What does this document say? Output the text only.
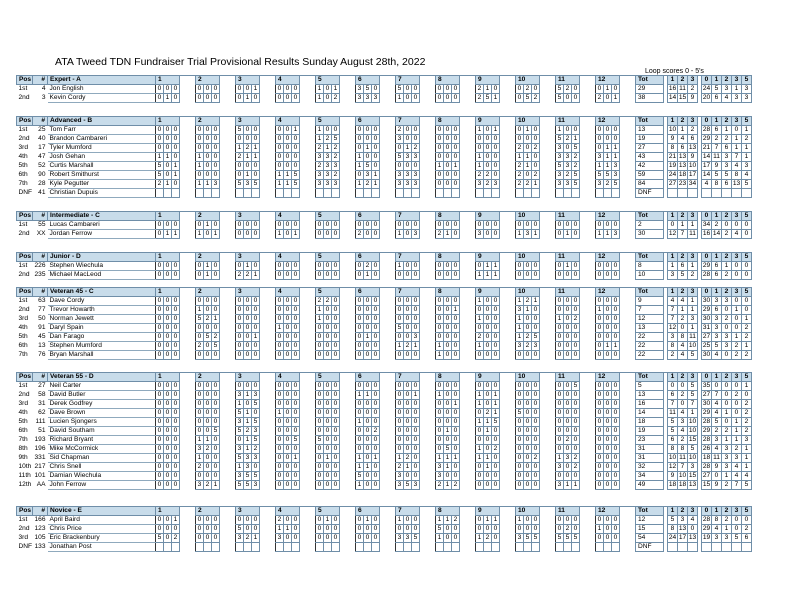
ATA Tweed TDN Fundraiser Trial Provisional Results Sunday August 28th, 2022
Loop scores 0 - 5's
Pos	#	Expert - A	1				2				3				4				5				6				7				8				9				10				11				12				Tot		1	2	3		0	1	2	3	5
1st	4	Jon English	0	0	0		0	0	0		0	0	1		0	0	0		1	0	1		3	5	0		5	0	0		0	0	0		2	1	0		0	2	0		5	2	0		0	1	0		29		16	11	2		24	5	3	1	3
2nd	3	Kevin Cordy	0	1	0		0	0	0		0	1	0		0	0	0		1	0	2		3	3	3		1	0	0		0	0	0		2	5	1		0	5	2		5	0	0		2	0	1		38		14	15	9		20	6	4	3	3
Pos	#	Advanced - B	1				2				3				4				5				6				7				8				9				10				11				12				Tot		1	2	3		0	1	2	3	5
1st	25	Tom Farr	0	0	0		0	0	0		5	0	0		0	0	1		1	0	0		0	0	0		2	0	0		0	0	0		1	0	1		0	1	0		1	0	0		0	0	0		13		10	1	2		28	6	1	0	1
2nd	40	Brandon Cambareri	0	0	0		0	0	0		0	0	0		0	0	0		1	2	5		0	0	0		3	0	0		0	0	0		0	0	0		0	0	0		5	2	1		0	0	0		19		9	4	6		29	2	2	1	2
3rd	17	Tyler Mumford	0	0	0		0	0	0		1	2	1		0	0	0		2	1	2		0	1	0		0	1	2		0	0	0		0	0	0		2	0	2		3	0	5		0	1	1		27		8	6	13		21	7	6	1	1
4th	47	Josh Gehan	1	1	0		1	0	0		2	1	1		0	0	0		3	3	2		1	0	0		5	3	3		0	0	0		1	0	0		1	1	0		3	3	2		3	1	1		43		21	13	9		14	11	3	7	1
5th	52	Curtis Marshall	5	0	1		1	0	0		0	0	0		0	0	0		2	3	3		1	5	0		0	0	0		1	0	1		1	0	0		2	1	0		5	3	2		1	1	3		42		19	13	10		17	9	3	4	3
6th	90	Robert Smithurst	5	0	1		0	0	0		0	1	0		1	1	5		3	3	2		0	3	1		3	3	3		0	0	0		2	2	0		2	0	2		3	2	5		5	5	3		59		24	18	17		14	5	5	8	4
7th	28	Kyle Pegutter	2	1	0		1	1	3		5	3	5		1	1	5		3	3	3		1	2	1		3	3	3		0	0	0		3	2	3		2	2	1		3	3	5		3	2	5		84		27	23	34		4	8	6	13	5
DNF	41	Christian Dupuis																																																	DNF										
Pos	#	Intermediate - C	1				2				3				4				5				6				7				8				9				10				11				12				Tot		1	2	3		0	1	2	3	5
1st	55	Lucas Cambareri	0	0	0		0	1	0		0	0	0		0	0	0		0	0	0		0	0	0		0	0	0		0	0	0		0	0	0		0	0	0		0	0	0		0	0	0		2		0	1	1		34	2	0	0	0
2nd	XX	Jordan Ferrow	0	1	1		1	0	1		0	0	0		1	0	1		0	0	0		2	0	0		1	0	3		2	1	0		3	0	0		1	3	1		0	1	0		1	1	3		30		12	7	11		16	14	2	4	0
Pos	#	Junior - D	1				2				3				4				5				6				7				8				9				10				11				12				Tot		1	2	3		0	1	2	3	5
1st	226	Stephen Wiechula	0	0	0		0	1	0		0	1	0		0	0	0		0	0	0		0	2	0		1	0	0		0	0	0		0	1	1		0	0	0		0	1	0		0	0	0		8		1	6	1		29	6	1	0	0
2nd	235	Michael MacLeod	0	0	0		0	1	0		2	2	1		0	0	0		0	0	0		0	1	0		0	0	0		0	0	0		1	1	1		0	0	0		0	0	0		0	0	0		10		3	5	2		28	6	2	0	0
Pos	#	Veteran 45 - C	1				2				3				4				5				6				7				8				9				10				11				12				Tot		1	2	3		0	1	2	3	5
1st	63	Dave Cordy	0	0	0		0	0	0		0	0	0		0	0	0		2	2	0		0	0	0		0	0	0		0	0	0		1	0	0		1	2	1		0	0	0		0	0	0		9		4	4	1		30	3	3	0	0
2nd	77	Trevor Howarth	0	0	0		1	0	0		0	0	0		0	0	0		1	0	0		0	0	0		0	0	0		0	0	1		0	0	0		3	1	0		0	0	0		1	0	0		7		7	1	1		29	6	0	1	0
3rd	50	Norman Jewett	0	0	0		5	2	1		0	0	0		0	0	0		1	0	0		0	0	0		0	0	0		0	0	0		1	0	0		1	0	0		1	0	2		0	0	0		12		7	2	3		30	3	2	0	1
4th	91	Daryl Spain	0	0	0		0	0	0		0	0	0		1	0	0		0	0	0		0	0	0		5	0	0		0	0	0		0	0	0		1	0	0		0	0	0		0	0	0		13		12	0	1		31	3	0	0	2
5th	45	Dan Farago	0	0	0		0	5	2		0	0	1		0	0	0		0	0	0		0	1	0		0	0	3		0	0	0		2	0	0		1	2	5		0	0	0		0	0	0		22		3	8	11		27	3	3	1	2
6th	13	Stephen Mumford	0	0	0		2	0	5		0	0	0		0	0	0		0	0	0		0	0	0		1	2	1		1	0	0		1	0	0		3	2	3		0	0	0		0	1	1		22		8	4	10		25	5	3	2	1
7th	76	Bryan Marshall	0	0	0		0	0	0		0	0	0		0	0	0		0	0	0		0	0	0		0	0	0		1	0	0		0	0	0		0	0	0		0	0	0		0	0	0		22		2	4	5		30	4	0	2	2
Pos	#	Veteran 55 - D	1				2				3				4				5				6				7				8				9				10				11				12				Tot		1	2	3		0	1	2	3	5
1st	27	Neil Carter	0	0	0		0	0	0		0	0	0		0	0	0		0	0	0		0	0	0		0	0	0		0	0	0		0	0	0		0	0	0		0	0	5		0	0	0		5		0	0	5		35	0	0	0	1
2nd	58	David Butler	0	0	0		0	0	0		3	1	3		0	0	0		0	0	0		1	1	0		0	0	1		1	0	0		1	0	1		0	0	0		0	0	0		0	0	0		13		6	2	5		27	7	0	2	0
3rd	31	Derek Godfrey	0	0	0		0	0	0		1	0	5		0	0	0		0	0	0		0	0	0		0	0	0		0	0	1		1	0	1		0	0	0		0	0	0		0	0	0		16		7	0	7		30	4	0	0	2
4th	62	Dave Brown	0	0	0		0	0	0		5	1	0		1	0	0		0	0	0		0	0	0		0	0	0		0	0	0		0	2	1		5	0	0		0	0	0		0	0	0		14		11	4	1		29	4	1	0	2
5th	111	Lucien Sjongers	0	0	0		0	0	0		3	1	5		0	0	0		0	0	0		1	0	0		0	0	0		0	0	0		1	1	5		0	0	0		0	0	0		0	0	0		18		5	3	10		28	5	0	1	2
6th	51	David Southam	0	0	0		0	0	5		5	2	3		0	0	0		0	0	0		0	0	2		0	0	0		0	1	0		0	1	0		0	0	0		0	0	0		0	0	0		19		5	4	10		29	2	2	1	2
7th	193	Richard Bryant	0	0	0		1	1	0		0	1	5		0	0	5		5	0	0		0	0	0		0	0	0		0	0	0		0	0	0		0	0	0		0	2	0		0	0	0		23		6	2	15		28	3	1	1	3
8th	196	Mike McCormick	0	0	0		3	2	0		3	1	2		0	0	0		0	0	0		0	0	0		0	0	0		0	5	0		1	0	2		0	0	0		0	0	0		0	0	0		31		8	8	5		26	4	3	2	1
9th	331	Sid Chapman	0	0	0		1	0	0		5	3	3		0	0	1		0	1	0		1	0	1		1	2	0		1	1	1		1	1	0		0	0	2		1	3	2		0	0	0		31		10	11	10		18	11	3	3	1
10th	217	Chris Snell	0	0	0		2	0	0		1	3	0		0	0	0		0	0	0		1	1	0		2	1	0		3	1	0		0	1	0		0	0	0		3	0	2		0	0	0		32		12	7	3		28	9	3	4	1
11th	101	Damian Wiechula	0	0	0		0	0	0		3	5	5		0	0	0		0	0	0		5	0	0		3	0	0		3	0	0		0	0	0		0	0	0		0	0	0		0	0	0		34		9	10	15		27	0	1	4	4
12th	AA	John Ferrow	0	0	0		3	2	1		5	5	3		0	0	0		0	0	0		1	0	0		3	5	3		2	1	2		0	0	0		0	0	0		3	1	1		0	0	0		49		18	18	13		15	9	2	7	5
Pos	#	Novice - E	1				2				3				4				5				6				7				8				9				10				11				12				Tot		1	2	3		0	1	2	3	5
1st	166	April Baird	0	0	1		0	0	0		0	0	0		2	0	0		0	1	0		0	1	0		1	0	0		1	1	2		0	1	1		1	0	0		0	0	0		0	0	0		12		5	3	4		28	8	2	0	0
2nd	123	Chris Price	0	0	0		0	0	0		5	0	0		1	1	0		0	0	0		0	0	0		0	0	0		5	0	0		0	0	0		0	0	0		0	2	0		1	0	0		15		8	13	0		29	4	1	0	2
3rd	105	Eric Brackenbury	5	0	2		0	0	0		3	2	1		3	0	0		0	0	0		0	0	0		3	3	5		1	0	0		1	2	0		3	5	5		5	5	5		0	0	0		54		24	17	13		19	3	3	5	6
DNF	133	Jonathan Post																																																	DNF										
